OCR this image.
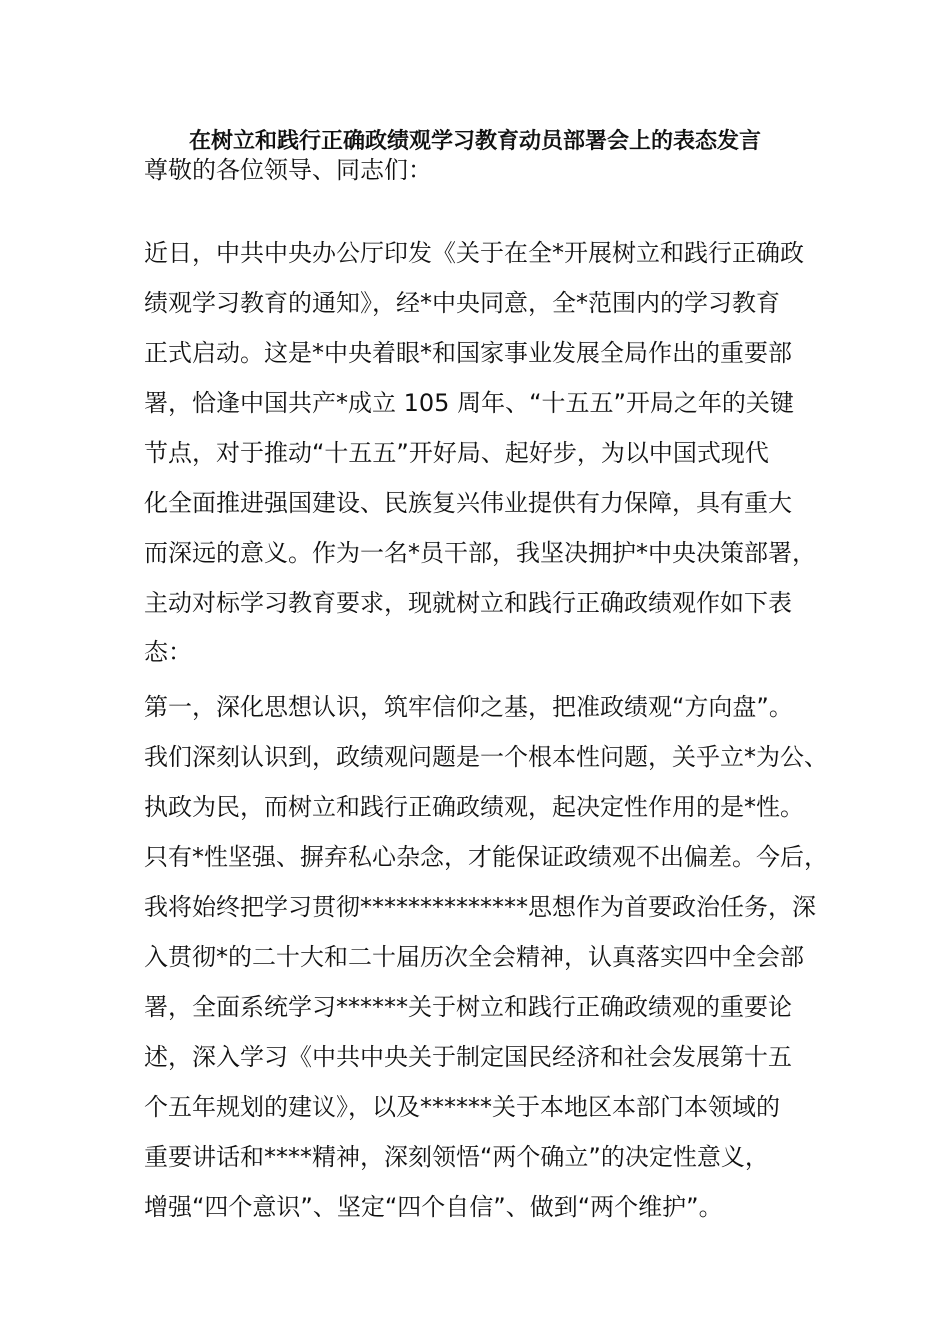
在树立和践行正确政绩观学习教育动员部署会上的表态发言

尊敬的各位领导、同志们：

近日，中共中央办公厅印发《关于在全*开展树立和践行正确政

绩观学习教育的通知》，经*中央同意，全*范围内的学习教育

正式启动。这是*中央着眼*和国家事业发展全局作出的重要部

署，恰逢中国共产*成立 105 周年、“十五五”开局之年的关键

节点，对于推动“十五五”开好局、起好步，为以中国式现代

化全面推进强国建设、民族复兴伟业提供有力保障，具有重大

而深远的意义。作为一名*员干部，我坚决拥护*中央决策部署，

主动对标学习教育要求，现就树立和践行正确政绩观作如下表

态：

第一，深化思想认识，筑牢信仰之基，把准政绩观“方向盘”。

我们深刻认识到，政绩观问题是一个根本性问题，关乎立*为公、

执政为民，而树立和践行正确政绩观，起决定性作用的是*性。

只有*性坚强、摒弃私心杂念，才能保证政绩观不出偏差。今后，

我将始终把学习贯彻**************思想作为首要政治任务，深

入贯彻*的二十大和二十届历次全会精神，认真落实四中全会部

署，全面系统学习******关于树立和践行正确政绩观的重要论

述，深入学习《中共中央关于制定国民经济和社会发展第十五

个五年规划的建议》，以及******关于本地区本部门本领域的

重要讲话和****精神，深刻领悟“两个确立”的决定性意义，

增强“四个意识”、坚定“四个自信”、做到“两个维护”。
